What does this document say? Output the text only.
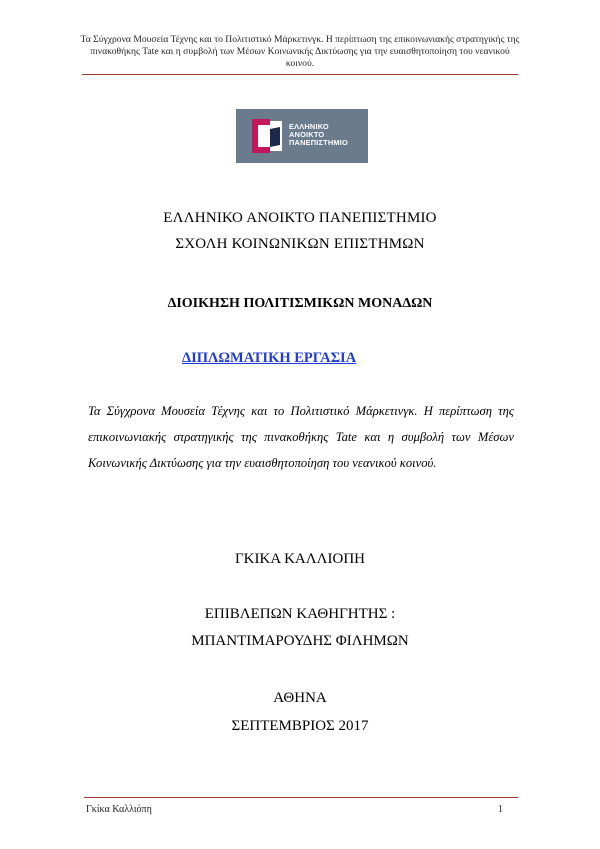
Τα Σύγχρονα Μουσεία Τέχνης και το Πολιτιστικό Μάρκετινγκ. Η περίπτωση της επικοινωνιακής στρατηγικής της πινακοθήκης Tate και η συμβολή των Μέσων Κοινωνικής Δικτύωσης για την ευαισθητοποίηση του νεανικού κοινού.
ΕΛΛΗΝΙΚΟ
ΑΝΟΙΚΤΟ
ΠΑΝΕΠΙΣΤΗΜΙΟ
ΕΛΛΗΝΙΚΟ ΑΝΟΙΚΤΟ ΠΑΝΕΠΙΣΤΗΜΙΟ
ΣΧΟΛΗ ΚΟΙΝΩΝΙΚΩΝ ΕΠΙΣΤΗΜΩΝ
ΔΙΟΙΚΗΣΗ ΠΟΛΙΤΙΣΜΙΚΩΝ ΜΟΝΑΔΩΝ
ΔΙΠΛΩΜΑΤΙΚΗ ΕΡΓΑΣΙΑ
Τα Σύγχρονα Μουσεία Τέχνης και το Πολιτιστικό Μάρκετινγκ. Η περίπτωση της επικοινωνιακής στρατηγικής της πινακοθήκης Tate και η συμβολή των Μέσων Κοινωνικής Δικτύωσης για την ευαισθητοποίηση του νεανικού κοινού.
ΓΚΙΚΑ ΚΑΛΛΙΟΠΗ
ΕΠΙΒΛΕΠΩΝ ΚΑΘΗΓΗΤΗΣ :
ΜΠΑΝΤΙΜΑΡΟΥΔΗΣ ΦΙΛΗΜΩΝ
ΑΘΗΝΑ
ΣΕΠΤΕΜΒΡΙΟΣ 2017
Γκίκα Καλλιόπη	1
